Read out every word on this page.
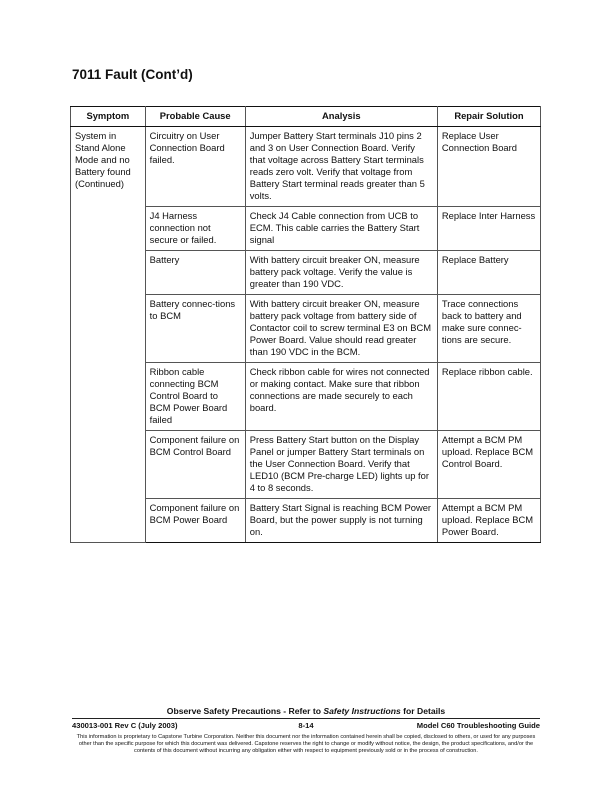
7011 Fault (Cont’d)
Symptom	Probable Cause	Analysis	Repair Solution
System in Stand Alone Mode and no Battery found (Continued)	Circuitry on User Connection Board failed.	Jumper Battery Start terminals J10 pins 2 and 3 on User Connection Board. Verify that voltage across Battery Start terminals reads zero volt. Verify that voltage from Battery Start terminal reads greater than 5 volts.	Replace User Connection Board
	J4 Harness connection not secure or failed.	Check J4 Cable connection from UCB to ECM. This cable carries the Battery Start signal	Replace Inter Harness
	Battery	With battery circuit breaker ON, measure battery pack voltage. Verify the value is greater than 190 VDC.	Replace Battery
	Battery connec-tions to BCM	With battery circuit breaker ON, measure battery pack voltage from battery side of Contactor coil to screw terminal E3 on BCM Power Board. Value should read greater than 190 VDC in the BCM.	Trace connections back to battery and make sure connec-tions are secure.
	Ribbon cable connecting BCM Control Board to BCM Power Board failed	Check ribbon cable for wires not connected or making contact. Make sure that ribbon connections are made securely to each board.	Replace ribbon cable.
	Component failure on BCM Control Board	Press Battery Start button on the Display Panel or jumper Battery Start terminals on the User Connection Board. Verify that LED10 (BCM Pre-charge LED) lights up for 4 to 8 seconds.	Attempt a BCM PM upload. Replace BCM Control Board.
	Component failure on BCM Power Board	Battery Start Signal is reaching BCM Power Board, but the power supply is not turning on.	Attempt a BCM PM upload. Replace BCM Power Board.

Observe Safety Precautions - Refer to Safety Instructions for Details

8-14
430013-001 Rev C (July 2003)	Model C60 Troubleshooting Guide

This information is proprietary to Capstone Turbine Corporation. Neither this document nor the information contained herein shall be copied, disclosed to others, or used for any purposes other than the specific purpose for which this document was delivered. Capstone reserves the right to change or modify without notice, the design, the product specifications, and/or the contents of this document without incurring any obligation either with respect to equipment previously sold or in the process of construction.
